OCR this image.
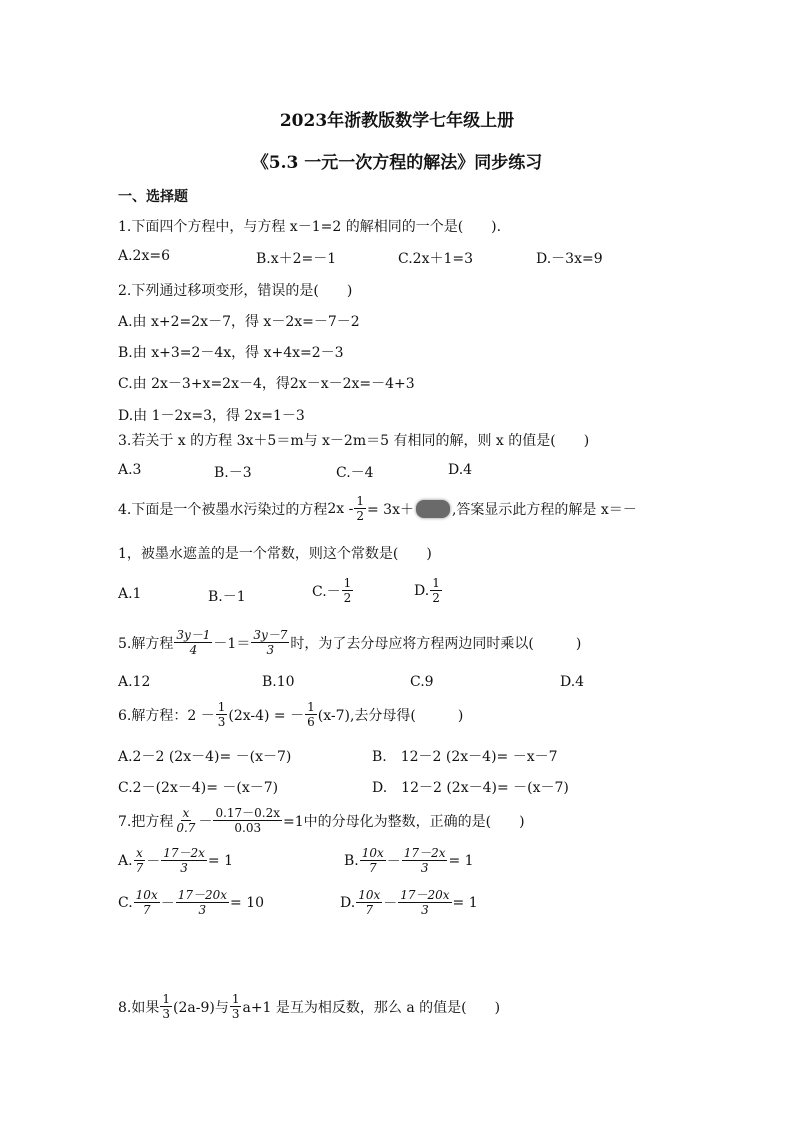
2023年浙教版数学七年级上册
《5.3 一元一次方程的解法》同步练习
一、选择题
1.下面四个方程中，与方程 x－1=2 的解相同的一个是(　　).
A.2x=6	B.x＋2=－1	C.2x＋1=3	D.－3x=9
2.下列通过移项变形，错误的是(　　)
A.由 x+2=2x－7，得 x－2x=－7－2
B.由 x+3=2－4x，得 x+4x=2－3
C.由 2x－3+x=2x－4，得2x－x－2x=－4+3
D.由 1－2x=3，得 2x=1－3
3.若关于 x 的方程 3x＋5＝m与 x－2m＝5 有相同的解，则 x 的值是(　　)
A.3	B.－3	C.－4	D.4
4.下面是一个被墨水污染过的方程 $2x - \frac{1}{2} = 3x+$	,答案显示此方程的解是 x＝－
1，被墨水遮盖的是一个常数，则这个常数是(　　)
A.1	B.－1	$C.- \frac{1}{2}$	D. $\frac{1}{2}$
5.解方程 $\frac{3y-1}{4} -1= \frac{3y-7}{3}$ 时，为了去分母应将方程两边同时乘以(　　　)
A.12	B.10	C.9	D.4
6.解方程： $2 - \frac{1}{3} (2x-4)$ = － $\frac{1}{6} (x-7)$,去分母得(　　　)
A.2－2 (2x－4)= －(x－7)	B.　12－2 (2x－4)= －x－7
C.2－(2x－4)= －(x－7)	D.　12－2 (2x－4)= －(x－7)
7.把方程 $\frac{x}{0.7} - \frac{0.17-0.2x}{0.03} =1$中的分母化为整数，正确的是(　　)
A. $\frac{x}{7} - \frac{17-2x}{3} = 1$	B. $\frac{10x}{7} - \frac{17-2x}{3} = 1$
C. $\frac{10x}{7} - \frac{17-20x}{3} = 10$	D. $\frac{10x}{7} - \frac{17-20x}{3} = 1$
8.如果 $\frac{1}{3} (2a-9)$与 $\frac{1}{3} a+1$ 是互为相反数，那么 a 的值是(　　)
